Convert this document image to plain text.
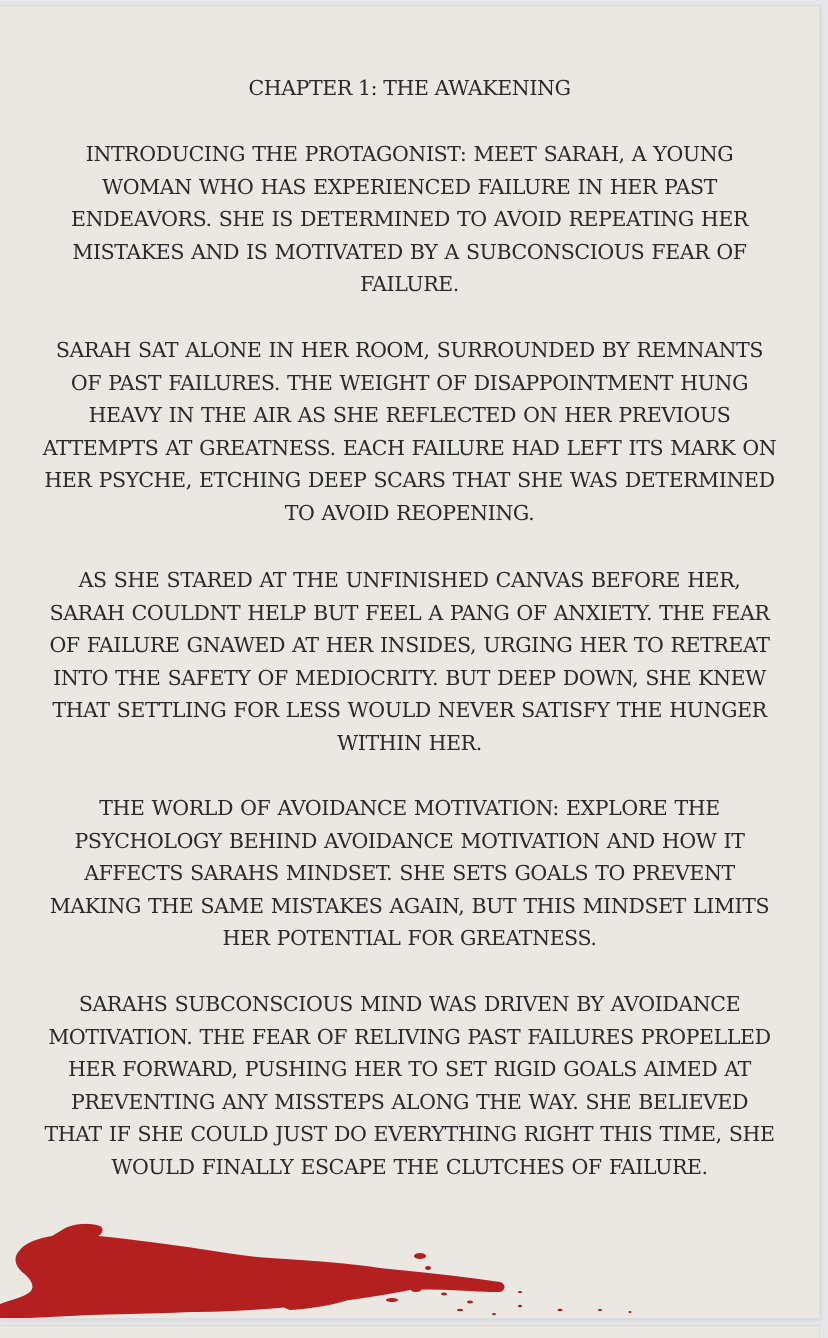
CHAPTER 1: THE AWAKENING
INTRODUCING THE PROTAGONIST: MEET SARAH, A YOUNG WOMAN WHO HAS EXPERIENCED FAILURE IN HER PAST ENDEAVORS. SHE IS DETERMINED TO AVOID REPEATING HER MISTAKES AND IS MOTIVATED BY A SUBCONSCIOUS FEAR OF FAILURE.
SARAH SAT ALONE IN HER ROOM, SURROUNDED BY REMNANTS OF PAST FAILURES. THE WEIGHT OF DISAPPOINTMENT HUNG HEAVY IN THE AIR AS SHE REFLECTED ON HER PREVIOUS ATTEMPTS AT GREATNESS. EACH FAILURE HAD LEFT ITS MARK ON HER PSYCHE, ETCHING DEEP SCARS THAT SHE WAS DETERMINED TO AVOID REOPENING.
AS SHE STARED AT THE UNFINISHED CANVAS BEFORE HER, SARAH COULDNT HELP BUT FEEL A PANG OF ANXIETY. THE FEAR OF FAILURE GNAWED AT HER INSIDES, URGING HER TO RETREAT INTO THE SAFETY OF MEDIOCRITY. BUT DEEP DOWN, SHE KNEW THAT SETTLING FOR LESS WOULD NEVER SATISFY THE HUNGER WITHIN HER.
THE WORLD OF AVOIDANCE MOTIVATION: EXPLORE THE PSYCHOLOGY BEHIND AVOIDANCE MOTIVATION AND HOW IT AFFECTS SARAHS MINDSET. SHE SETS GOALS TO PREVENT MAKING THE SAME MISTAKES AGAIN, BUT THIS MINDSET LIMITS HER POTENTIAL FOR GREATNESS.
SARAHS SUBCONSCIOUS MIND WAS DRIVEN BY AVOIDANCE MOTIVATION. THE FEAR OF RELIVING PAST FAILURES PROPELLED HER FORWARD, PUSHING HER TO SET RIGID GOALS AIMED AT PREVENTING ANY MISSTEPS ALONG THE WAY. SHE BELIEVED THAT IF SHE COULD JUST DO EVERYTHING RIGHT THIS TIME, SHE WOULD FINALLY ESCAPE THE CLUTCHES OF FAILURE.
